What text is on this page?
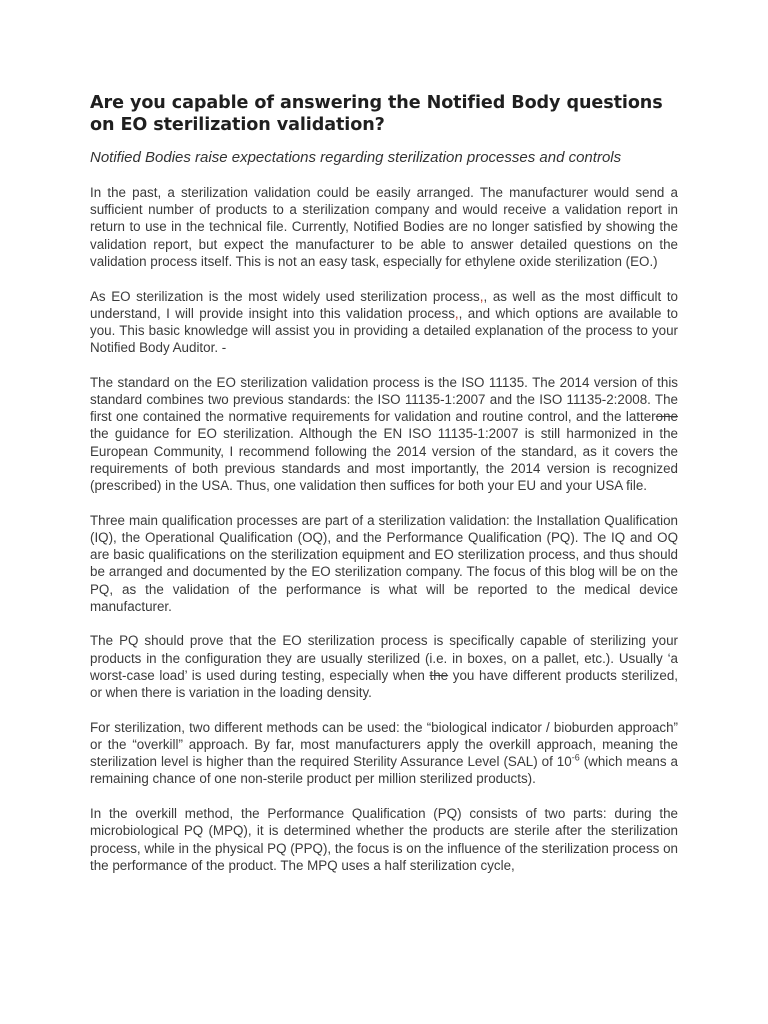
Are you capable of answering the Notified Body questions on EO sterilization validation?
Notified Bodies raise expectations regarding sterilization processes and controls

In the past, a sterilization validation could be easily arranged. The manufacturer would send a sufficient number of products to a sterilization company and would receive a validation report in return to use in the technical file. Currently, Notified Bodies are no longer satisfied by showing the validation report, but expect the manufacturer to be able to answer detailed questions on the validation process itself. This is not an easy task, especially for ethylene oxide sterilization (EO.)

As EO sterilization is the most widely used sterilization process,, as well as the most difficult to understand, I will provide insight into this validation process,, and which options are available to you. This basic knowledge will assist you in providing a detailed explanation of the process to your Notified Body Auditor. -

The standard on the EO sterilization validation process is the ISO 11135. The 2014 version of this standard combines two previous standards: the ISO 11135-1:2007 and the ISO 11135-2:2008. The first one contained the normative requirements for validation and routine control, and the latterone the guidance for EO sterilization. Although the EN ISO 11135-1:2007 is still harmonized in the European Community, I recommend following the 2014 version of the standard, as it covers the requirements of both previous standards and most importantly, the 2014 version is recognized (prescribed) in the USA. Thus, one validation then suffices for both your EU and your USA file.

Three main qualification processes are part of a sterilization validation: the Installation Qualification (IQ), the Operational Qualification (OQ), and the Performance Qualification (PQ). The IQ and OQ are basic qualifications on the sterilization equipment and EO sterilization process, and thus should be arranged and documented by the EO sterilization company. The focus of this blog will be on the PQ, as the validation of the performance is what will be reported to the medical device manufacturer.

The PQ should prove that the EO sterilization process is specifically capable of sterilizing your products in the configuration they are usually sterilized (i.e. in boxes, on a pallet, etc.). Usually ‘a worst-case load’ is used during testing, especially when the you have different products sterilized, or when there is variation in the loading density.

For sterilization, two different methods can be used: the “biological indicator / bioburden approach” or the “overkill” approach. By far, most manufacturers apply the overkill approach, meaning the sterilization level is higher than the required Sterility Assurance Level (SAL) of $10^{-6}$ (which means a remaining chance of one non-sterile product per million sterilized products).

In the overkill method, the Performance Qualification (PQ) consists of two parts: during the microbiological PQ (MPQ), it is determined whether the products are sterile after the sterilization process, while in the physical PQ (PPQ), the focus is on the influence of the sterilization process on the performance of the product. The MPQ uses a half sterilization cycle,
